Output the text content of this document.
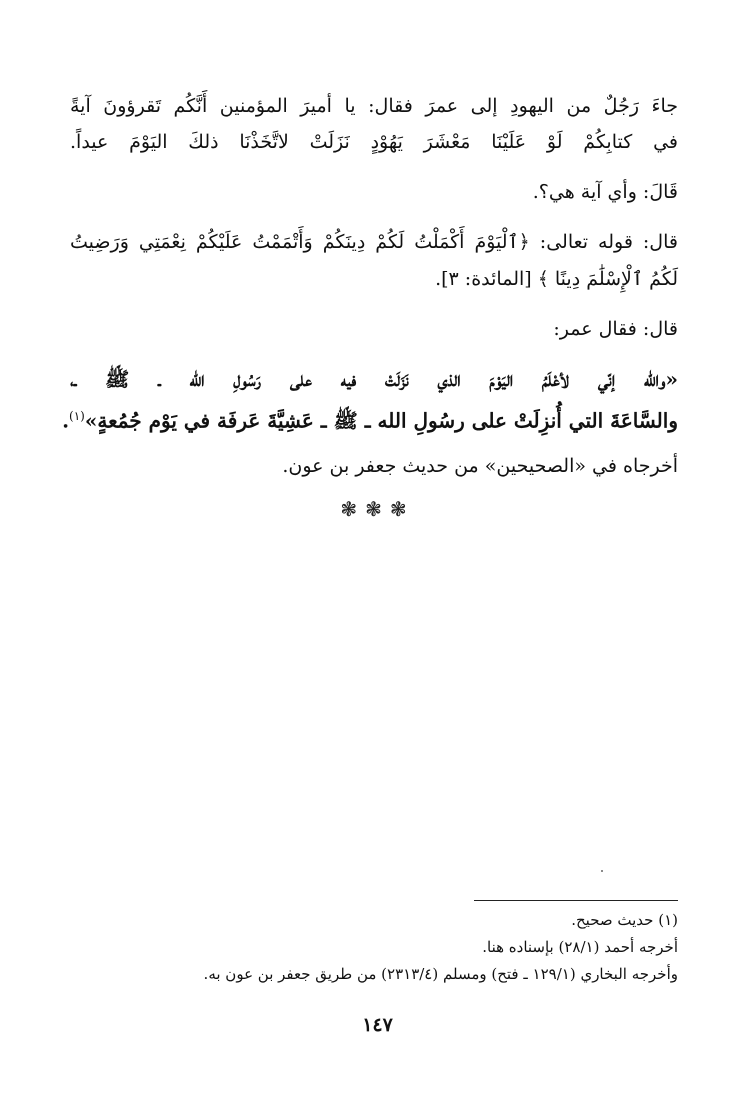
جاءَ رَجُلٌ من اليهودِ إلى عمرَ فقال: يا أميرَ المؤمنين أَنَّكُم تَقرؤونَ آيةً
في كتابِكُمْ لَوْ عَلَيْنَا مَعْشَرَ يَهُوْدٍ نَزَلَتْ لاتَّخَذْنَا ذلكَ اليَوْمَ عيداً.
قَالَ: وأي آية هي؟.
قال: قوله تعالى: ﴿ٱلْيَوْمَ أَكْمَلْتُ لَكُمْ دِينَكُمْ وَأَتْمَمْتُ عَلَيْكُمْ نِعْمَتِي وَرَضِيتُ
لَكُمُ ٱلْإِسْلَٰمَ دِينًا ﴾ [المائدة: ٣].
قال: فقال عمر:
«والله إنّي لأعْلَمُ اليَوْمَ الذي نَزَلَتْ فيه على رَسُولِ الله ـ ﷺ ـ،
والسَّاعَةَ التي أُنزِلَتْ على رسُولِ الله ـ ﷺ ـ عَشِيَّةَ عَرفَة في يَوْم جُمُعةٍ»$^{(١)}$.
أخرجاه في «الصحيحين» من حديث جعفر بن عون.
❃❃❃
(١) حديث صحيح.
أخرجه أحمد (٢٨/١) بإسناده هنا.
وأخرجه البخاري (١٢٩/١ ـ فتح) ومسلم (٢٣١٣/٤) من طريق جعفر بن عون به.
١٤٧
